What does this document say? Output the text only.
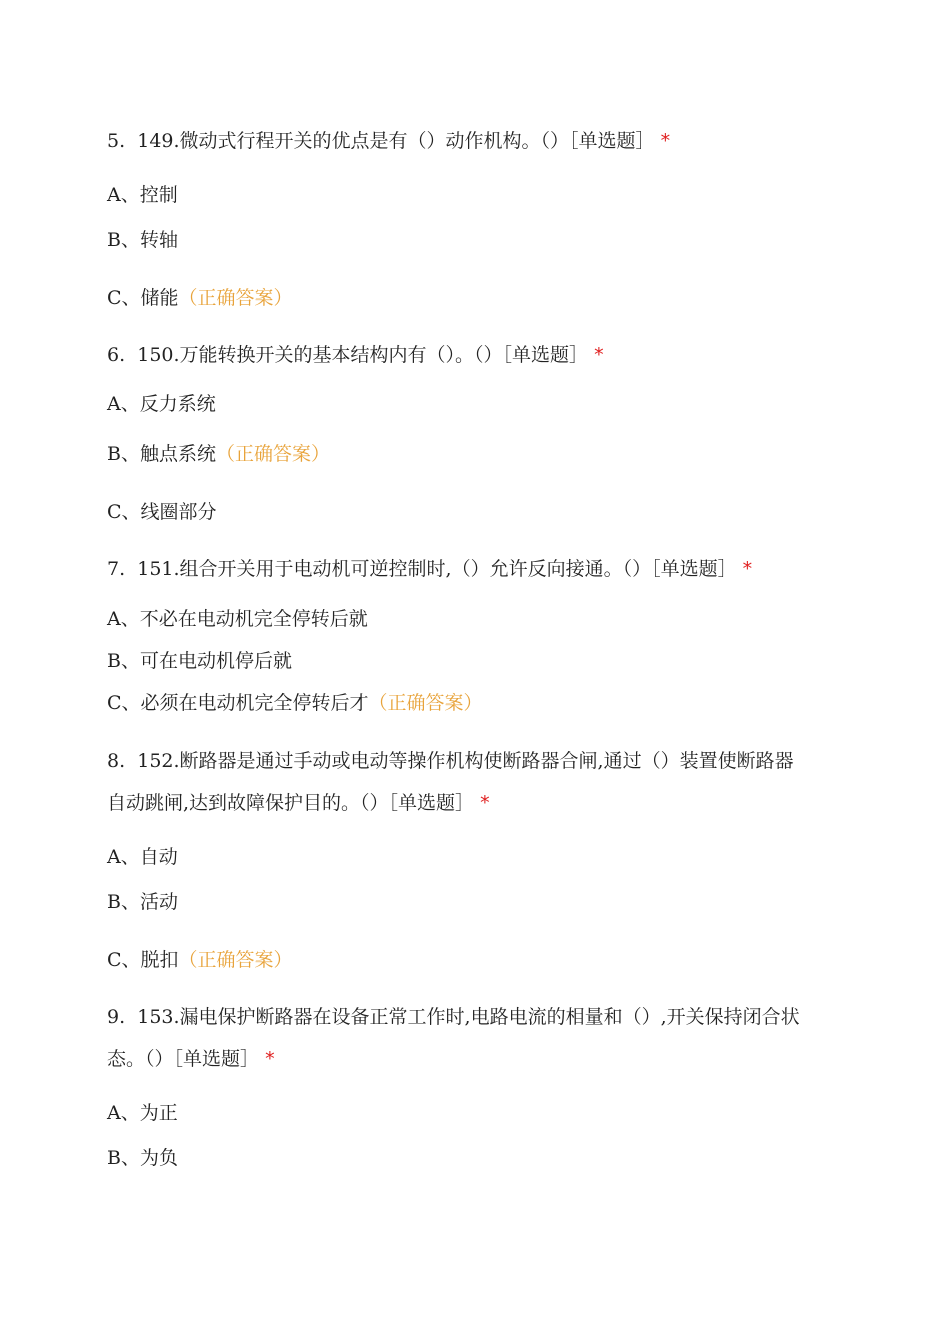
5. 149.微动式行程开关的优点是有（）动作机构。（）［单选题］ *
A、控制
B、转轴
C、储能（正确答案）
6. 150.万能转换开关的基本结构内有（）。（）［单选题］ *
A、反力系统
B、触点系统（正确答案）
C、线圈部分
7. 151.组合开关用于电动机可逆控制时,（）允许反向接通。（）［单选题］ *
A、不必在电动机完全停转后就
B、可在电动机停后就
C、必须在电动机完全停转后才（正确答案）
8. 152.断路器是通过手动或电动等操作机构使断路器合闸,通过（）装置使断路器
自动跳闸,达到故障保护目的。（）［单选题］ *
A、自动
B、活动
C、脱扣（正确答案）
9. 153.漏电保护断路器在设备正常工作时,电路电流的相量和（）,开关保持闭合状
态。（）［单选题］ *
A、为正
B、为负
